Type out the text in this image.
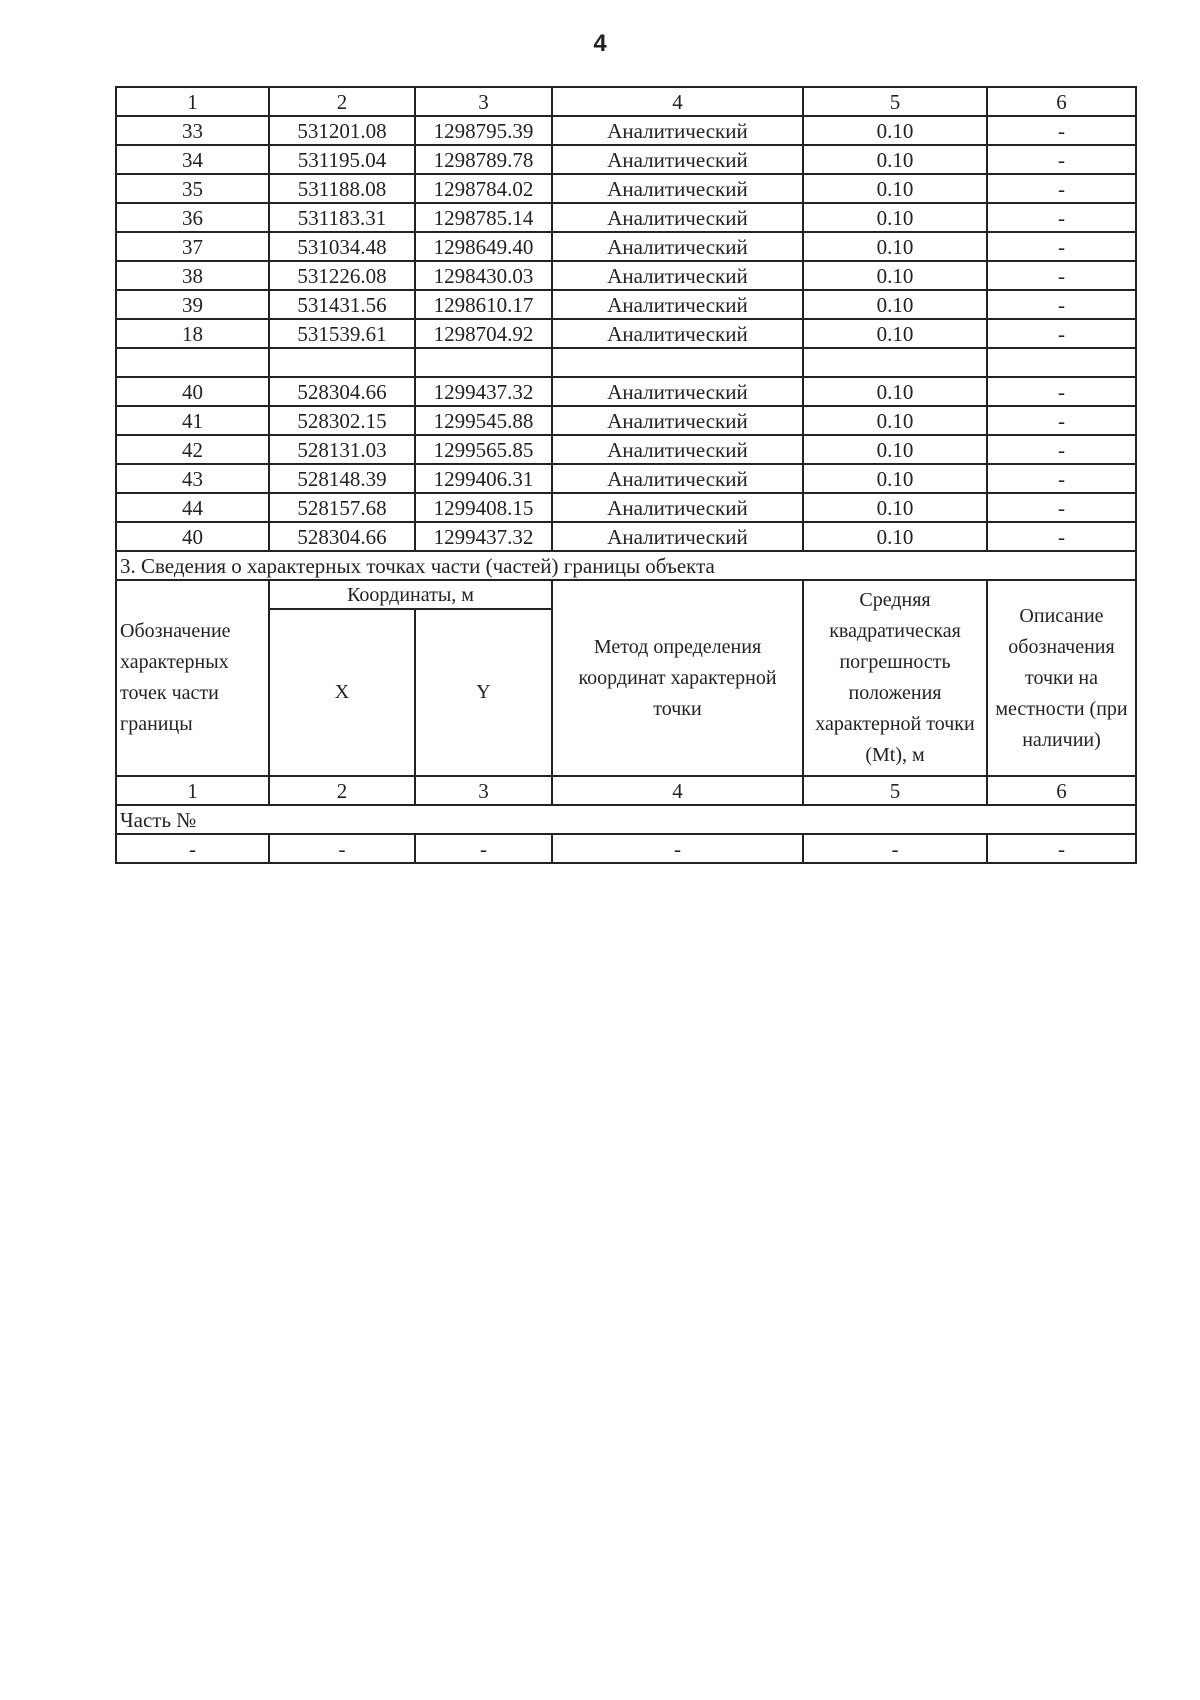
4
1	2	3	4	5	6
33	531201.08	1298795.39	Аналитический	0.10	-
34	531195.04	1298789.78	Аналитический	0.10	-
35	531188.08	1298784.02	Аналитический	0.10	-
36	531183.31	1298785.14	Аналитический	0.10	-
37	531034.48	1298649.40	Аналитический	0.10	-
38	531226.08	1298430.03	Аналитический	0.10	-
39	531431.56	1298610.17	Аналитический	0.10	-
18	531539.61	1298704.92	Аналитический	0.10	-

40	528304.66	1299437.32	Аналитический	0.10	-
41	528302.15	1299545.88	Аналитический	0.10	-
42	528131.03	1299565.85	Аналитический	0.10	-
43	528148.39	1299406.31	Аналитический	0.10	-
44	528157.68	1299408.15	Аналитический	0.10	-
40	528304.66	1299437.32	Аналитический	0.10	-
3. Сведения о характерных точках части (частей) границы объекта					
Обозначение характерных точек части границы	Координаты, м		Метод определения координат характерной точки	Средняя квадратическая погрешность положения характерной точки (Mt), м	Описание обозначения точки на местности (при наличии)
	X	Y			
1	2	3	4	5	6
Часть №					
-	-	-	-	-	-
